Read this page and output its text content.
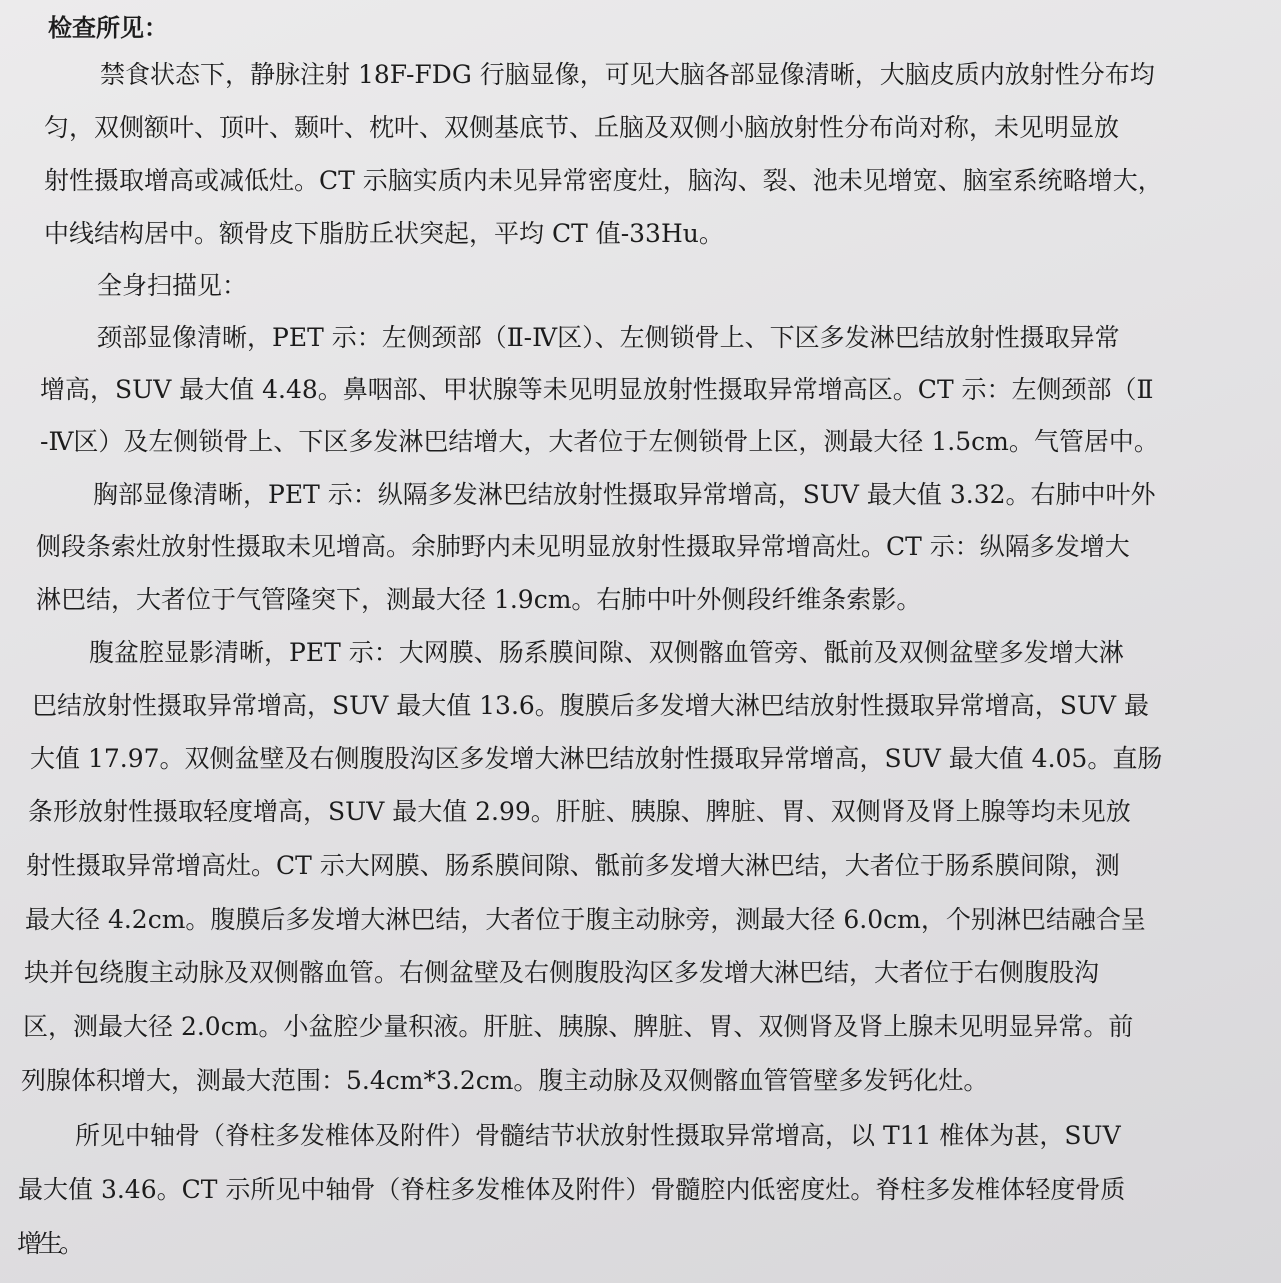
检查所见：
禁食状态下，静脉注射 18F-FDG 行脑显像，可见大脑各部显像清晰，大脑皮质内放射性分布均
匀，双侧额叶、顶叶、颞叶、枕叶、双侧基底节、丘脑及双侧小脑放射性分布尚对称，未见明显放
射性摄取增高或减低灶。CT 示脑实质内未见异常密度灶，脑沟、裂、池未见增宽、脑室系统略增大，
中线结构居中。额骨皮下脂肪丘状突起，平均 CT 值-33Hu。
全身扫描见：
颈部显像清晰，PET 示：左侧颈部（Ⅱ-Ⅳ区）、左侧锁骨上、下区多发淋巴结放射性摄取异常
增高，SUV 最大值 4.48。鼻咽部、甲状腺等未见明显放射性摄取异常增高区。CT 示：左侧颈部（Ⅱ
-Ⅳ区）及左侧锁骨上、下区多发淋巴结增大，大者位于左侧锁骨上区，测最大径 1.5cm。气管居中。
胸部显像清晰，PET 示：纵隔多发淋巴结放射性摄取异常增高，SUV 最大值 3.32。右肺中叶外
侧段条索灶放射性摄取未见增高。余肺野内未见明显放射性摄取异常增高灶。CT 示：纵隔多发增大
淋巴结，大者位于气管隆突下，测最大径 1.9cm。右肺中叶外侧段纤维条索影。
腹盆腔显影清晰，PET 示：大网膜、肠系膜间隙、双侧髂血管旁、骶前及双侧盆壁多发增大淋
巴结放射性摄取异常增高，SUV 最大值 13.6。腹膜后多发增大淋巴结放射性摄取异常增高，SUV 最
大值 17.97。双侧盆壁及右侧腹股沟区多发增大淋巴结放射性摄取异常增高，SUV 最大值 4.05。直肠
条形放射性摄取轻度增高，SUV 最大值 2.99。肝脏、胰腺、脾脏、胃、双侧肾及肾上腺等均未见放
射性摄取异常增高灶。CT 示大网膜、肠系膜间隙、骶前多发增大淋巴结，大者位于肠系膜间隙，测
最大径 4.2cm。腹膜后多发增大淋巴结，大者位于腹主动脉旁，测最大径 6.0cm，个别淋巴结融合呈
块并包绕腹主动脉及双侧髂血管。右侧盆壁及右侧腹股沟区多发增大淋巴结，大者位于右侧腹股沟
区，测最大径 2.0cm。小盆腔少量积液。肝脏、胰腺、脾脏、胃、双侧肾及肾上腺未见明显异常。前
列腺体积增大，测最大范围：5.4cm*3.2cm。腹主动脉及双侧髂血管管壁多发钙化灶。
所见中轴骨（脊柱多发椎体及附件）骨髓结节状放射性摄取异常增高，以 T11 椎体为甚，SUV
最大值 3.46。CT 示所见中轴骨（脊柱多发椎体及附件）骨髓腔内低密度灶。脊柱多发椎体轻度骨质
增生。
